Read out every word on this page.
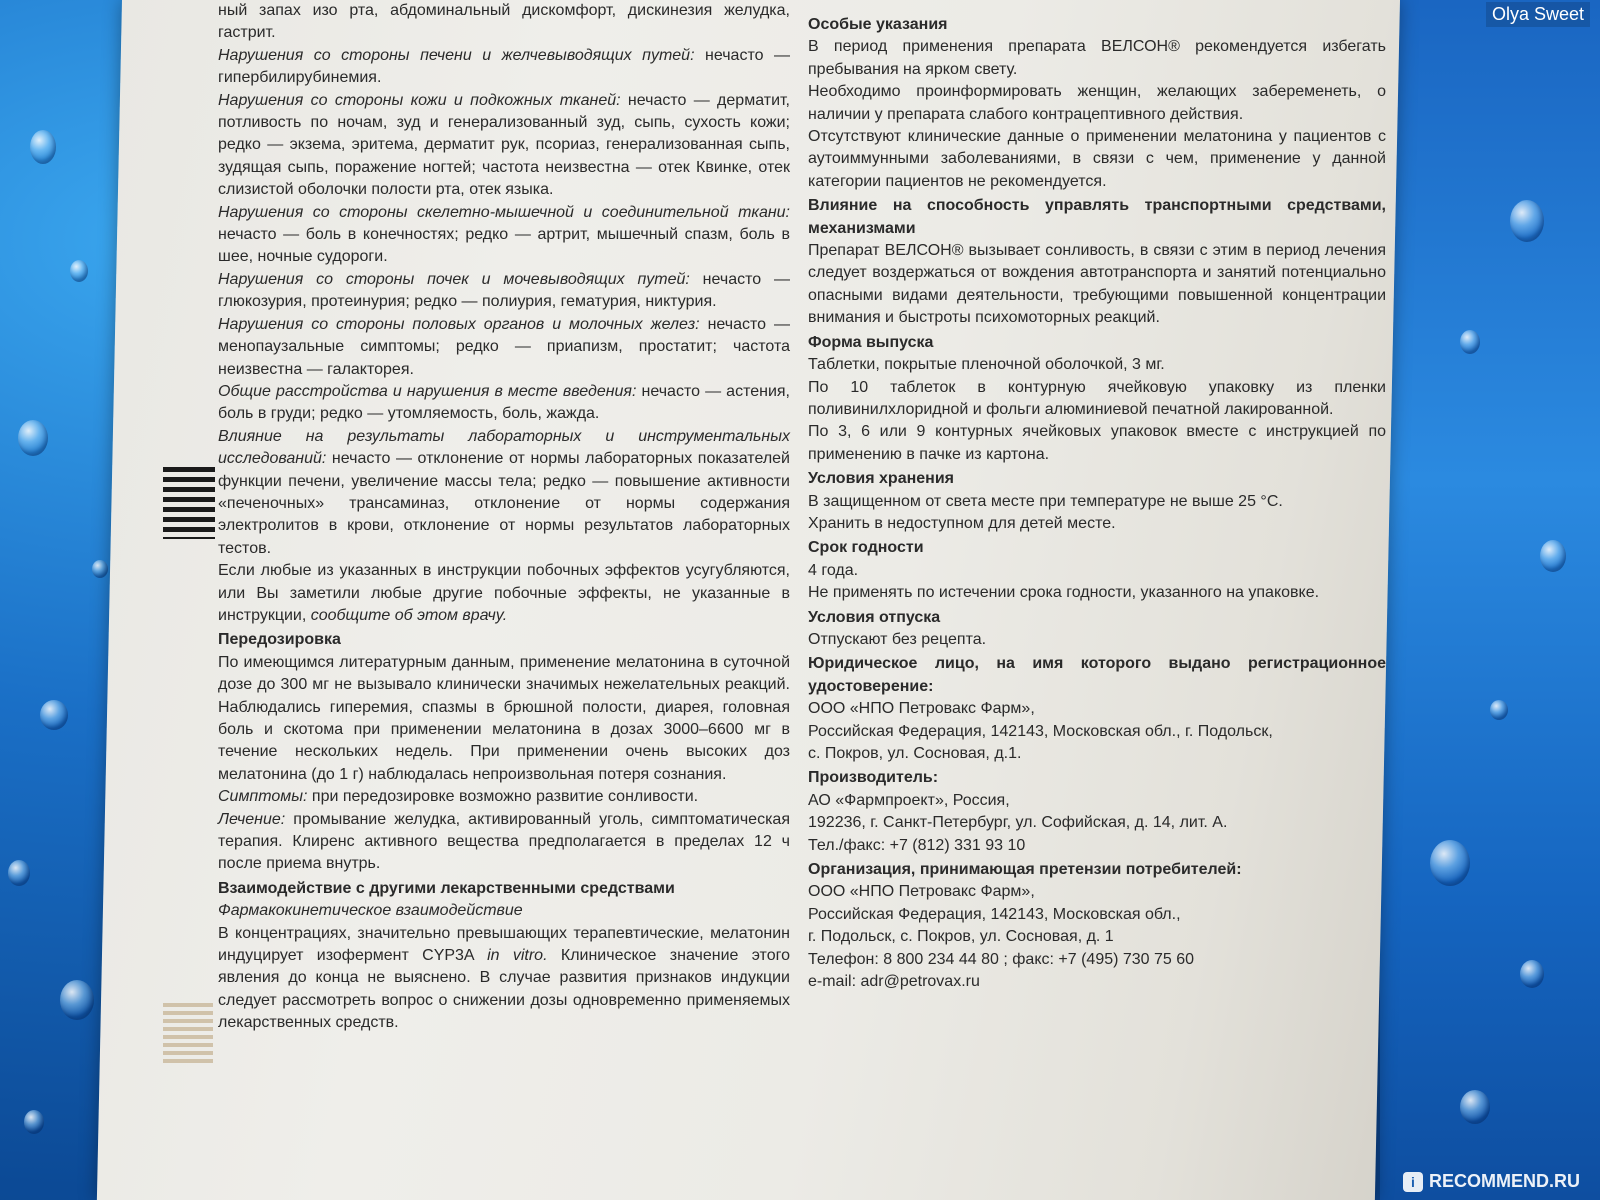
ный запах изо рта, абдоминальный дискомфорт, дискинезия желудка, гастрит.

Нарушения со стороны печени и желчевыводящих путей: нечасто — гипербилирубинемия.

Нарушения со стороны кожи и подкожных тканей: нечасто — дерматит, потливость по ночам, зуд и генерализованный зуд, сыпь, сухость кожи; редко — экзема, эритема, дерматит рук, псориаз, генерализованная сыпь, зудящая сыпь, поражение ногтей; частота неизвестна — отек Квинке, отек слизистой оболочки полости рта, отек языка.

Нарушения со стороны скелетно-мышечной и соединительной ткани: нечасто — боль в конечностях; редко — артрит, мышечный спазм, боль в шее, ночные судороги.

Нарушения со стороны почек и мочевыводящих путей: нечасто — глюкозурия, протеинурия; редко — полиурия, гематурия, никтурия.

Нарушения со стороны половых органов и молочных желез: нечасто — менопаузальные симптомы; редко — приапизм, простатит; частота неизвестна — галакторея.

Общие расстройства и нарушения в месте введения: нечасто — астения, боль в груди; редко — утомляемость, боль, жажда.

Влияние на результаты лабораторных и инструментальных исследований: нечасто — отклонение от нормы лабораторных показателей функции печени, увеличение массы тела; редко — повышение активности «печеночных» трансаминаз, отклонение от нормы содержания электролитов в крови, отклонение от нормы результатов лабораторных тестов.

Если любые из указанных в инструкции побочных эффектов усугубляются, или Вы заметили любые другие побочные эффекты, не указанные в инструкции, сообщите об этом врачу.

Передозировка

По имеющимся литературным данным, применение мелатонина в суточной дозе до 300 мг не вызывало клинически значимых нежелательных реакций. Наблюдались гиперемия, спазмы в брюшной полости, диарея, головная боль и скотома при применении мелатонина в дозах 3000–6600 мг в течение нескольких недель. При применении очень высоких доз мелатонина (до 1 г) наблюдалась непроизвольная потеря сознания.

Симптомы: при передозировке возможно развитие сонливости.

Лечение: промывание желудка, активированный уголь, симптоматическая терапия. Клиренс активного вещества предполагается в пределах 12 ч после приема внутрь.

Взаимодействие с другими лекарственными средствами

Фармакокинетическое взаимодействие

В концентрациях, значительно превышающих терапевтические, мелатонин индуцирует изофермент CYP3A in vitro. Клиническое значение этого явления до конца не выяснено. В случае развития признаков индукции следует рассмотреть вопрос о снижении дозы одновременно применяемых лекарственных средств.

Особые указания

В период применения препарата ВЕЛСОН® рекомендуется избегать пребывания на ярком свету.

Необходимо проинформировать женщин, желающих забеременеть, о наличии у препарата слабого контрацептивного действия.

Отсутствуют клинические данные о применении мелатонина у пациентов с аутоиммунными заболеваниями, в связи с чем, применение у данной категории пациентов не рекомендуется.

Влияние на способность управлять транспортными средствами, механизмами

Препарат ВЕЛСОН® вызывает сонливость, в связи с этим в период лечения следует воздержаться от вождения автотранспорта и занятий потенциально опасными видами деятельности, требующими повышенной концентрации внимания и быстроты психомоторных реакций.

Форма выпуска

Таблетки, покрытые пленочной оболочкой, 3 мг.

По 10 таблеток в контурную ячейковую упаковку из пленки поливинилхлоридной и фольги алюминиевой печатной лакированной.

По 3, 6 или 9 контурных ячейковых упаковок вместе с инструкцией по применению в пачке из картона.

Условия хранения

В защищенном от света месте при температуре не выше 25 °С.

Хранить в недоступном для детей месте.

Срок годности

4 года.

Не применять по истечении срока годности, указанного на упаковке.

Условия отпуска

Отпускают без рецепта.

Юридическое лицо, на имя которого выдано регистрационное удостоверение:

ООО «НПО Петровакс Фарм»,

Российская Федерация, 142143, Московская обл., г. Подольск,

с. Покров, ул. Сосновая, д.1.

Производитель:

АО «Фармпроект», Россия,

192236, г. Санкт-Петербург, ул. Софийская, д. 14, лит. А.

Тел./факс: +7 (812) 331 93 10

Организация, принимающая претензии потребителей:

ООО «НПО Петровакс Фарм»,

Российская Федерация, 142143, Московская обл.,

г. Подольск, с. Покров, ул. Сосновая, д. 1

Телефон: 8 800 234 44 80 ; факс: +7 (495) 730 75 60

e-mail: adr@petrovax.ru

Olya Sweet
i RECOMMEND.RU
